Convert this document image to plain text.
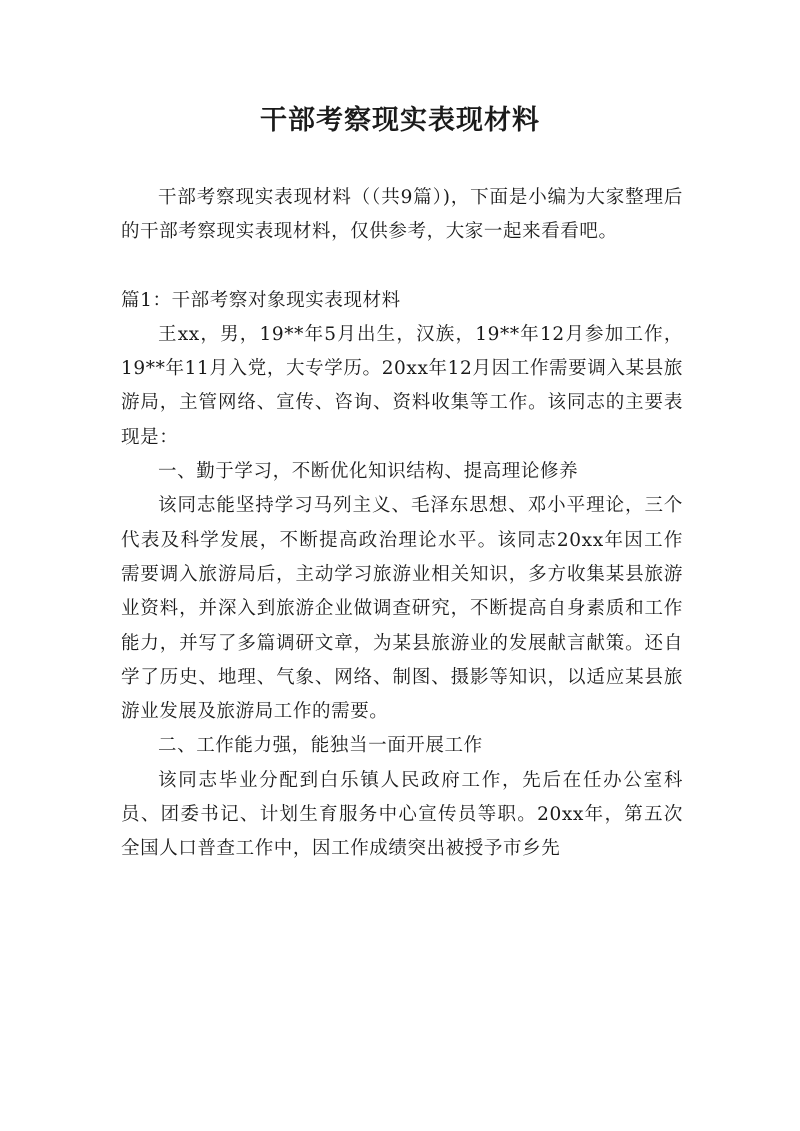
干部考察现实表现材料

干部考察现实表现材料（（共9篇）)，下面是小编为大家整理后的干部考察现实表现材料，仅供参考，大家一起来看看吧。

篇1：干部考察对象现实表现材料

王xx，男，19**年5月出生，汉族，19**年12月参加工作，19**年11月入党，大专学历。20xx年12月因工作需要调入某县旅游局，主管网络、宣传、咨询、资料收集等工作。该同志的主要表现是：

一、勤于学习，不断优化知识结构、提高理论修养

该同志能坚持学习马列主义、毛泽东思想、邓小平理论，三个代表及科学发展，不断提高政治理论水平。该同志20xx年因工作需要调入旅游局后，主动学习旅游业相关知识，多方收集某县旅游业资料，并深入到旅游企业做调查研究，不断提高自身素质和工作能力，并写了多篇调研文章，为某县旅游业的发展献言献策。还自学了历史、地理、气象、网络、制图、摄影等知识，以适应某县旅游业发展及旅游局工作的需要。

二、工作能力强，能独当一面开展工作

该同志毕业分配到白乐镇人民政府工作，先后在任办公室科员、团委书记、计划生育服务中心宣传员等职。20xx年，第五次全国人口普查工作中，因工作成绩突出被授予市乡先
